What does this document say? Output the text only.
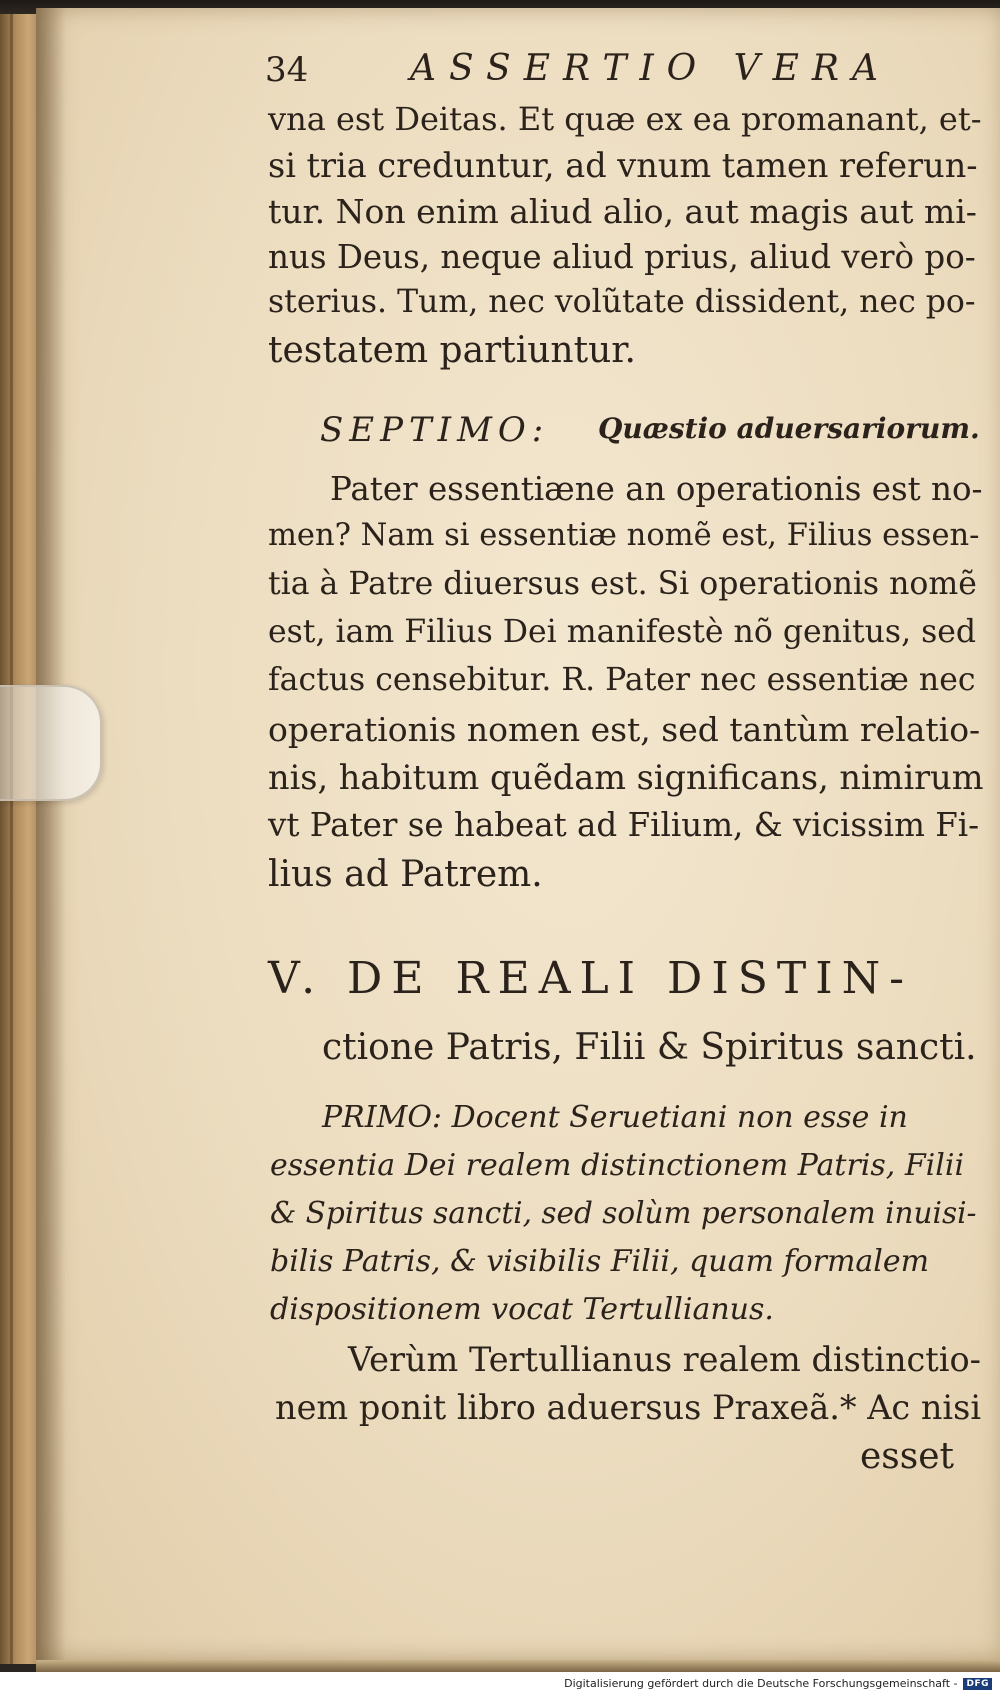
34	ASSERTIO VERA
vna est Deitas. Et quæ ex ea promanant, et-
si tria creduntur, ad vnum tamen referun-
tur. Non enim aliud alio, aut magis aut mi-
nus Deus, neque aliud prius, aliud verò po-
sterius. Tum, nec volũtate dissident, nec po-
testatem partiuntur.
SEPTIMO: Quæstio aduersariorum.
Pater essentiæne an operationis est no-
men? Nam si essentiæ nomẽ est, Filius essen-
tia à Patre diuersus est. Si operationis nomẽ
est, iam Filius Dei manifestè nõ genitus, sed
factus censebitur. R. Pater nec essentiæ nec
operationis nomen est, sed tantùm relatio-
nis, habitum quẽdam significans, nimirum
vt Pater se habeat ad Filium, & vicissim Fi-
lius ad Patrem.
V. DE REALI DISTIN-
ctione Patris, Filii & Spiritus sancti.
PRIMO: Docent Seruetiani non esse in
essentia Dei realem distinctionem Patris, Filii
& Spiritus sancti, sed solùm personalem inuisi-
bilis Patris, & visibilis Filii, quam formalem
dispositionem vocat Tertullianus.
Verùm Tertullianus realem distinctio-
nem ponit libro aduersus Praxeã.* Ac nisi
esset
Digitalisierung gefördert durch die Deutsche Forschungsgemeinschaft -	DFG
